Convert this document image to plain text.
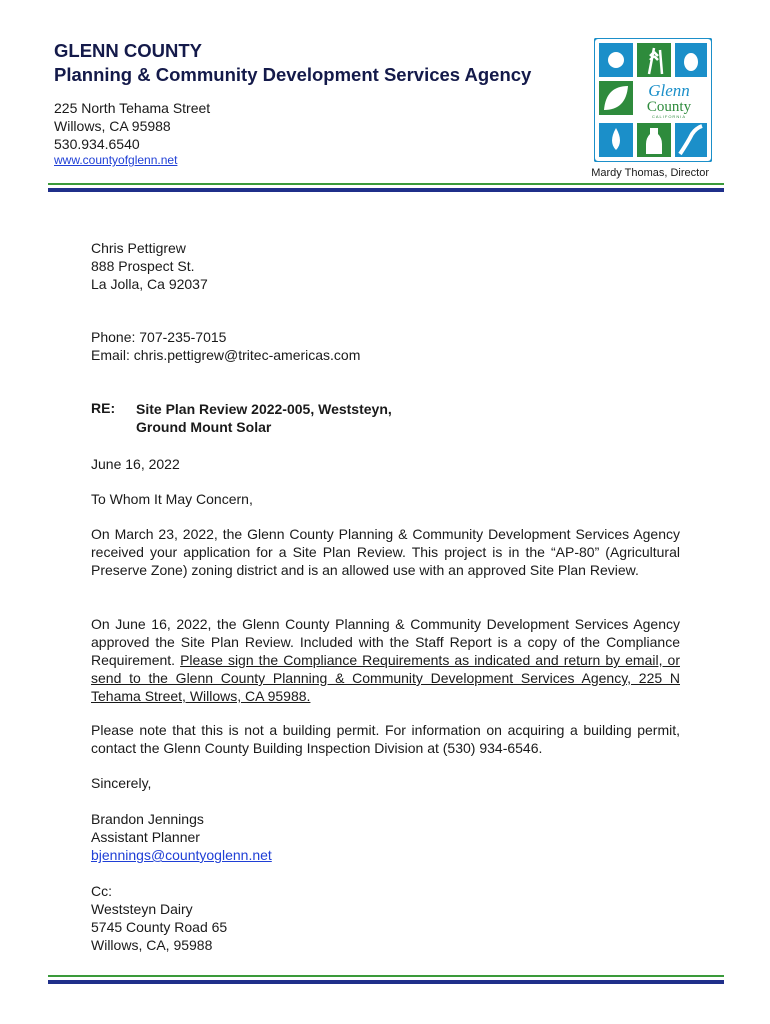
GLENN COUNTY
Planning & Community Development Services Agency
225 North Tehama Street
Willows, CA 95988
530.934.6540
www.countyofglenn.net
Mardy Thomas, Director
Glenn
County
CALIFORNIA
Chris Pettigrew
888 Prospect St.
La Jolla, Ca 92037
Phone: 707-235-7015
Email: chris.pettigrew@tritec-americas.com
RE: Site Plan Review 2022-005, Weststeyn,
Ground Mount Solar
June 16, 2022
To Whom It May Concern,

On March 23, 2022, the Glenn County Planning & Community Development Services Agency received your application for a Site Plan Review. This project is in the “AP-80” (Agricultural Preserve Zone) zoning district and is an allowed use with an approved Site Plan Review.

On June 16, 2022, the Glenn County Planning & Community Development Services Agency approved the Site Plan Review. Included with the Staff Report is a copy of the Compliance Requirement. Please sign the Compliance Requirements as indicated and return by email, or send to the Glenn County Planning & Community Development Services Agency, 225 N Tehama Street, Willows, CA 95988.

Please note that this is not a building permit. For information on acquiring a building permit, contact the Glenn County Building Inspection Division at (530) 934-6546.

Sincerely,
Brandon Jennings
Assistant Planner
bjennings@countyoglenn.net
Cc:
Weststeyn Dairy
5745 County Road 65
Willows, CA, 95988
